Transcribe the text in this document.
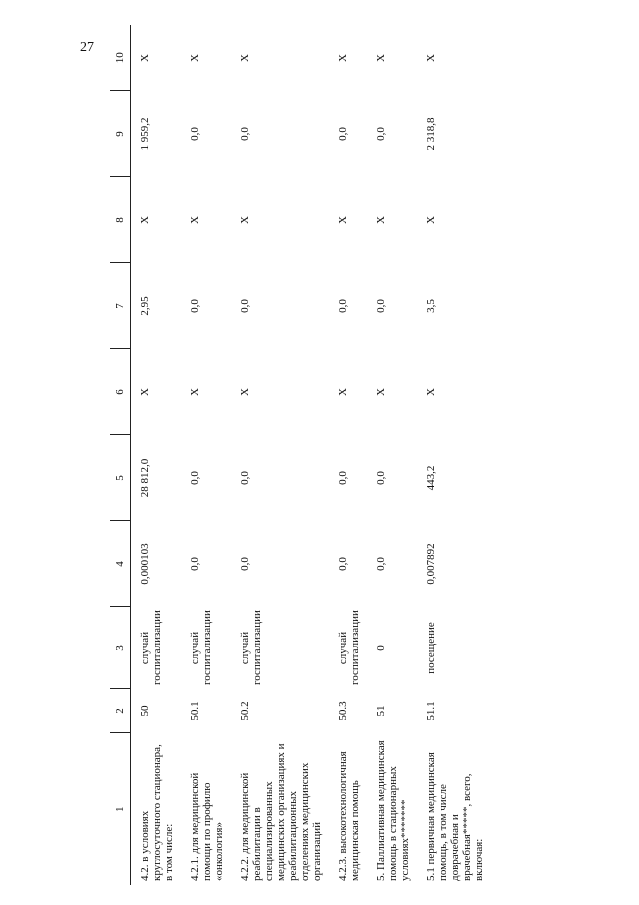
27
1	2	3	4	5	6	7	8	9	10
4.2. в условиях круглосуточного стационара, в том числе:	50	случай госпитализации	0,000103	28 812,0	Х	2,95	Х	1 959,2	Х
4.2.1. для медицинской помощи по профилю «онкология»	50.1	случай госпитализации	0,0	0,0	Х	0,0	Х	0,0	Х
4.2.2. для медицинской реабилитации в специализированных медицинских организациях и реабилитационных отделениях медицинских организаций	50.2	случай госпитализации	0,0	0,0	Х	0,0	Х	0,0	Х
4.2.3. высокотехнологичная медицинская помощь	50.3	случай госпитализации	0,0	0,0	Х	0,0	Х	0,0	Х
5. Паллиативная медицинская помощь в стационарных условиях*******	51	0	0,0	0,0	Х	0,0	Х	0,0	Х
5.1 первичная медицинская помощь, в том числе доврачебная и врачебная*****, всего, включая:	51.1	посещение	0,007892	443,2	Х	3,5	Х	2 318,8	Х
